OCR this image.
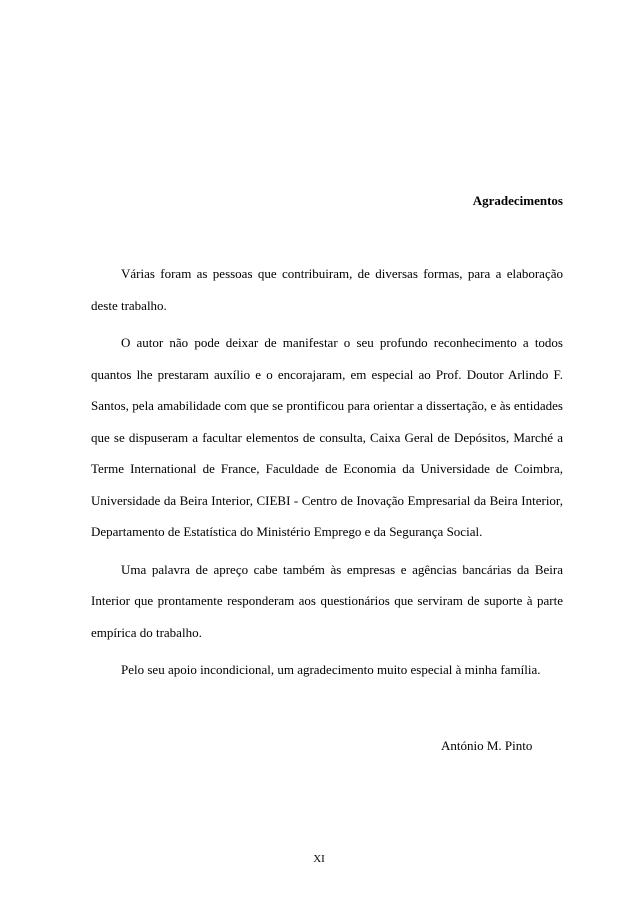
Agradecimentos

Várias foram as pessoas que contribuiram, de diversas formas, para a elaboração deste trabalho.

O autor não pode deixar de manifestar o seu profundo reconhecimento a todos quantos lhe prestaram auxílio e o encorajaram, em especial ao Prof. Doutor Arlindo F. Santos, pela amabilidade com que se prontificou para orientar a dissertação, e às entidades que se dispuseram a facultar elementos de consulta, Caixa Geral de Depósitos, Marché a Terme International de France, Faculdade de Economia da Universidade de Coimbra, Universidade da Beira Interior, CIEBI - Centro de Inovação Empresarial da Beira Interior, Departamento de Estatística do Ministério Emprego e da Segurança Social.

Uma palavra de apreço cabe também às empresas e agências bancárias da Beira Interior que prontamente responderam aos questionários que serviram de suporte à parte empírica do trabalho.

Pelo seu apoio incondicional, um agradecimento muito especial à minha família.

António M. Pinto

XI
